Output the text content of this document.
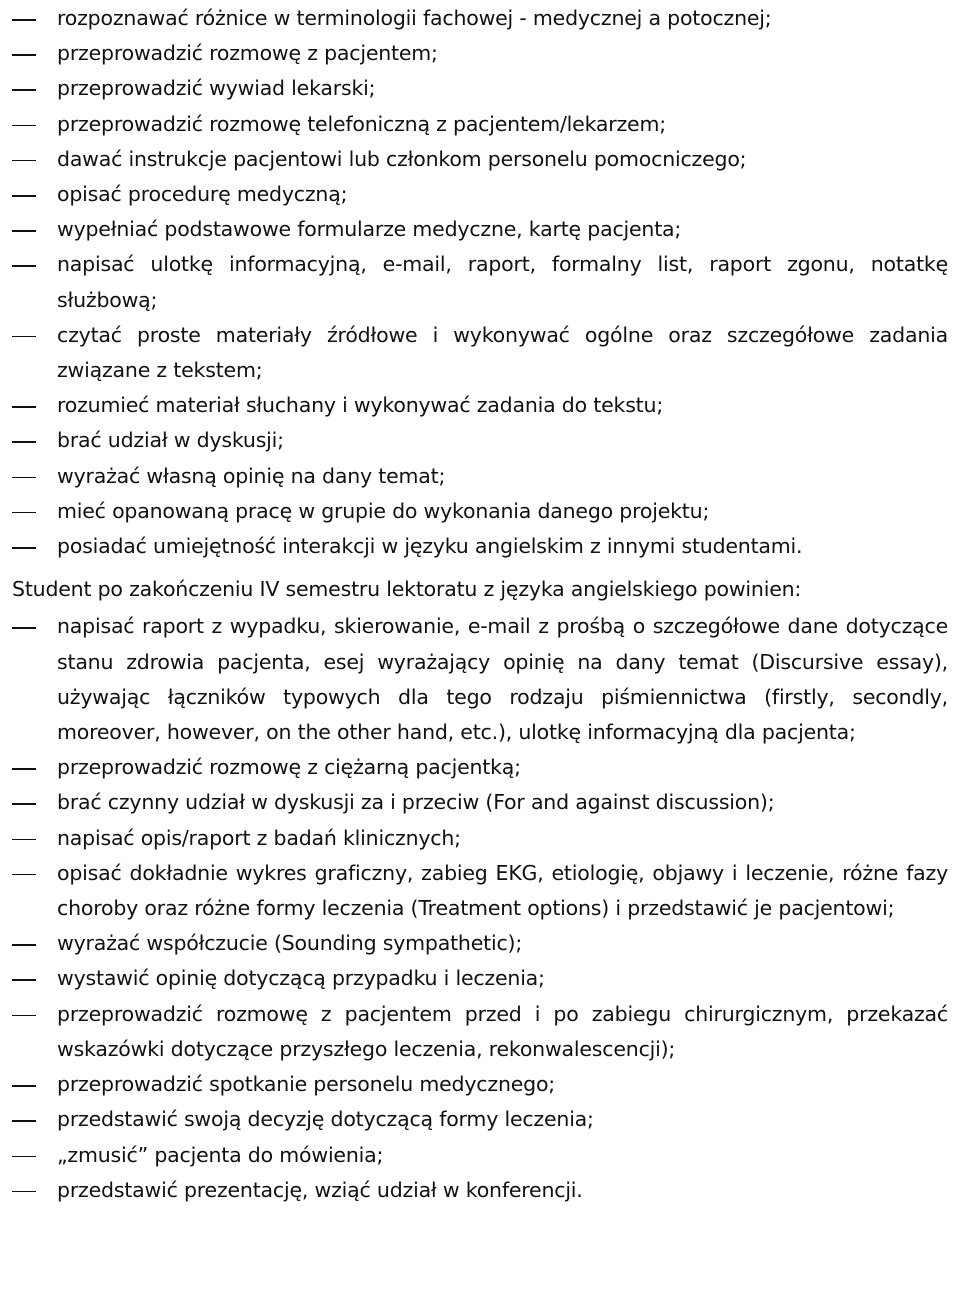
rozpoznawać różnice w terminologii fachowej - medycznej a potocznej;
przeprowadzić rozmowę z pacjentem;
przeprowadzić wywiad lekarski;
przeprowadzić rozmowę telefoniczną z pacjentem/lekarzem;
dawać instrukcje pacjentowi lub członkom personelu pomocniczego;
opisać procedurę medyczną;
wypełniać podstawowe formularze medyczne, kartę pacjenta;
napisać ulotkę informacyjną, e-mail, raport, formalny list, raport zgonu, notatkę służbową;
czytać proste materiały źródłowe i wykonywać ogólne oraz szczegółowe zadania związane z tekstem;
rozumieć materiał słuchany i wykonywać zadania do tekstu;
brać udział w dyskusji;
wyrażać własną opinię na dany temat;
mieć opanowaną pracę w grupie do wykonania danego projektu;
posiadać umiejętność interakcji w języku angielskim z innymi studentami.
Student po zakończeniu IV semestru lektoratu z języka angielskiego powinien:
napisać raport z wypadku, skierowanie, e-mail z prośbą o szczegółowe dane dotyczące stanu zdrowia pacjenta, esej wyrażający opinię na dany temat (Discursive essay), używając łączników typowych dla tego rodzaju piśmiennictwa (firstly, secondly, moreover, however, on the other hand, etc.), ulotkę informacyjną dla pacjenta;
przeprowadzić rozmowę z ciężarną pacjentką;
brać czynny udział w dyskusji za i przeciw (For and against discussion);
napisać opis/raport z badań klinicznych;
opisać dokładnie wykres graficzny, zabieg EKG, etiologię, objawy i leczenie, różne fazy choroby oraz różne formy leczenia (Treatment options) i przedstawić je pacjentowi;
wyrażać współczucie (Sounding sympathetic);
wystawić opinię dotyczącą przypadku i leczenia;
przeprowadzić rozmowę z pacjentem przed i po zabiegu chirurgicznym, przekazać wskazówki dotyczące przyszłego leczenia, rekonwalescencji);
przeprowadzić spotkanie personelu medycznego;
przedstawić swoją decyzję dotyczącą formy leczenia;
„zmusić” pacjenta do mówienia;
przedstawić prezentację, wziąć udział w konferencji.
